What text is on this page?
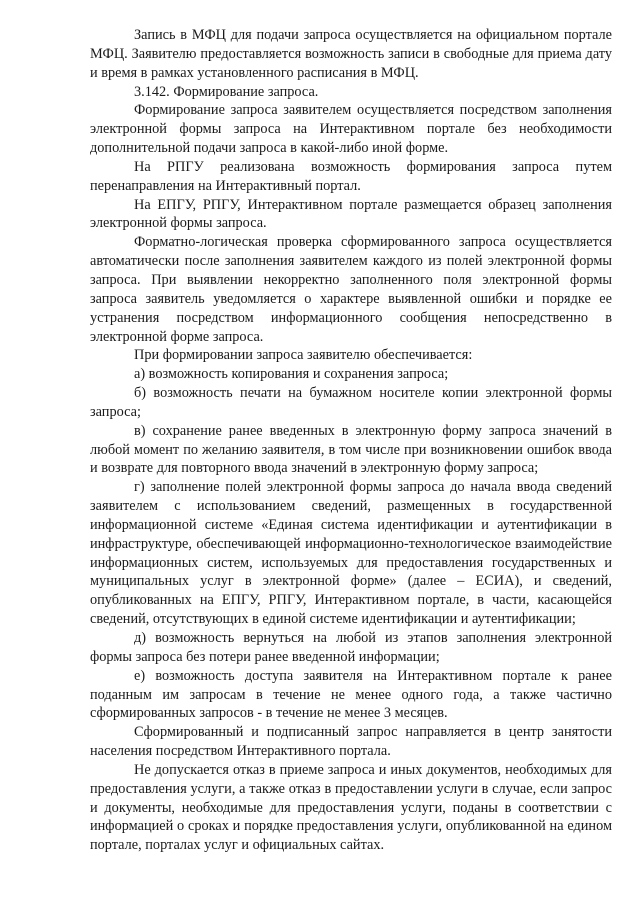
Запись в МФЦ для подачи запроса осуществляется на официальном портале МФЦ. Заявителю предоставляется возможность записи в свободные для приема дату и время в рамках установленного расписания в МФЦ.

3.142. Формирование запроса.

Формирование запроса заявителем осуществляется посредством заполнения электронной формы запроса на Интерактивном портале без необходимости дополнительной подачи запроса в какой-либо иной форме.

На РПГУ реализована возможность формирования запроса путем перенаправления на Интерактивный портал.

На ЕПГУ, РПГУ, Интерактивном портале размещается образец заполнения электронной формы запроса.

Форматно-логическая проверка сформированного запроса осуществляется автоматически после заполнения заявителем каждого из полей электронной формы запроса. При выявлении некорректно заполненного поля электронной формы запроса заявитель уведомляется о характере выявленной ошибки и порядке ее устранения посредством информационного сообщения непосредственно в электронной форме запроса.

При формировании запроса заявителю обеспечивается:

а) возможность копирования и сохранения запроса;

б) возможность печати на бумажном носителе копии электронной формы запроса;

в) сохранение ранее введенных в электронную форму запроса значений в любой момент по желанию заявителя, в том числе при возникновении ошибок ввода и возврате для повторного ввода значений в электронную форму запроса;

г) заполнение полей электронной формы запроса до начала ввода сведений заявителем с использованием сведений, размещенных в государственной информационной системе «Единая система идентификации и аутентификации в инфраструктуре, обеспечивающей информационно-технологическое взаимодействие информационных систем, используемых для предоставления государственных и муниципальных услуг в электронной форме» (далее – ЕСИА), и сведений, опубликованных на ЕПГУ, РПГУ, Интерактивном портале, в части, касающейся сведений, отсутствующих в единой системе идентификации и аутентификации;

д) возможность вернуться на любой из этапов заполнения электронной формы запроса без потери ранее введенной информации;

е) возможность доступа заявителя на Интерактивном портале к ранее поданным им запросам в течение не менее одного года, а также частично сформированных запросов - в течение не менее 3 месяцев.

Сформированный и подписанный запрос направляется в центр занятости населения посредством Интерактивного портала.

Не допускается отказ в приеме запроса и иных документов, необходимых для предоставления услуги, а также отказ в предоставлении услуги в случае, если запрос и документы, необходимые для предоставления услуги, поданы в соответствии с информацией о сроках и порядке предоставления услуги, опубликованной на едином портале, порталах услуг и официальных сайтах.
